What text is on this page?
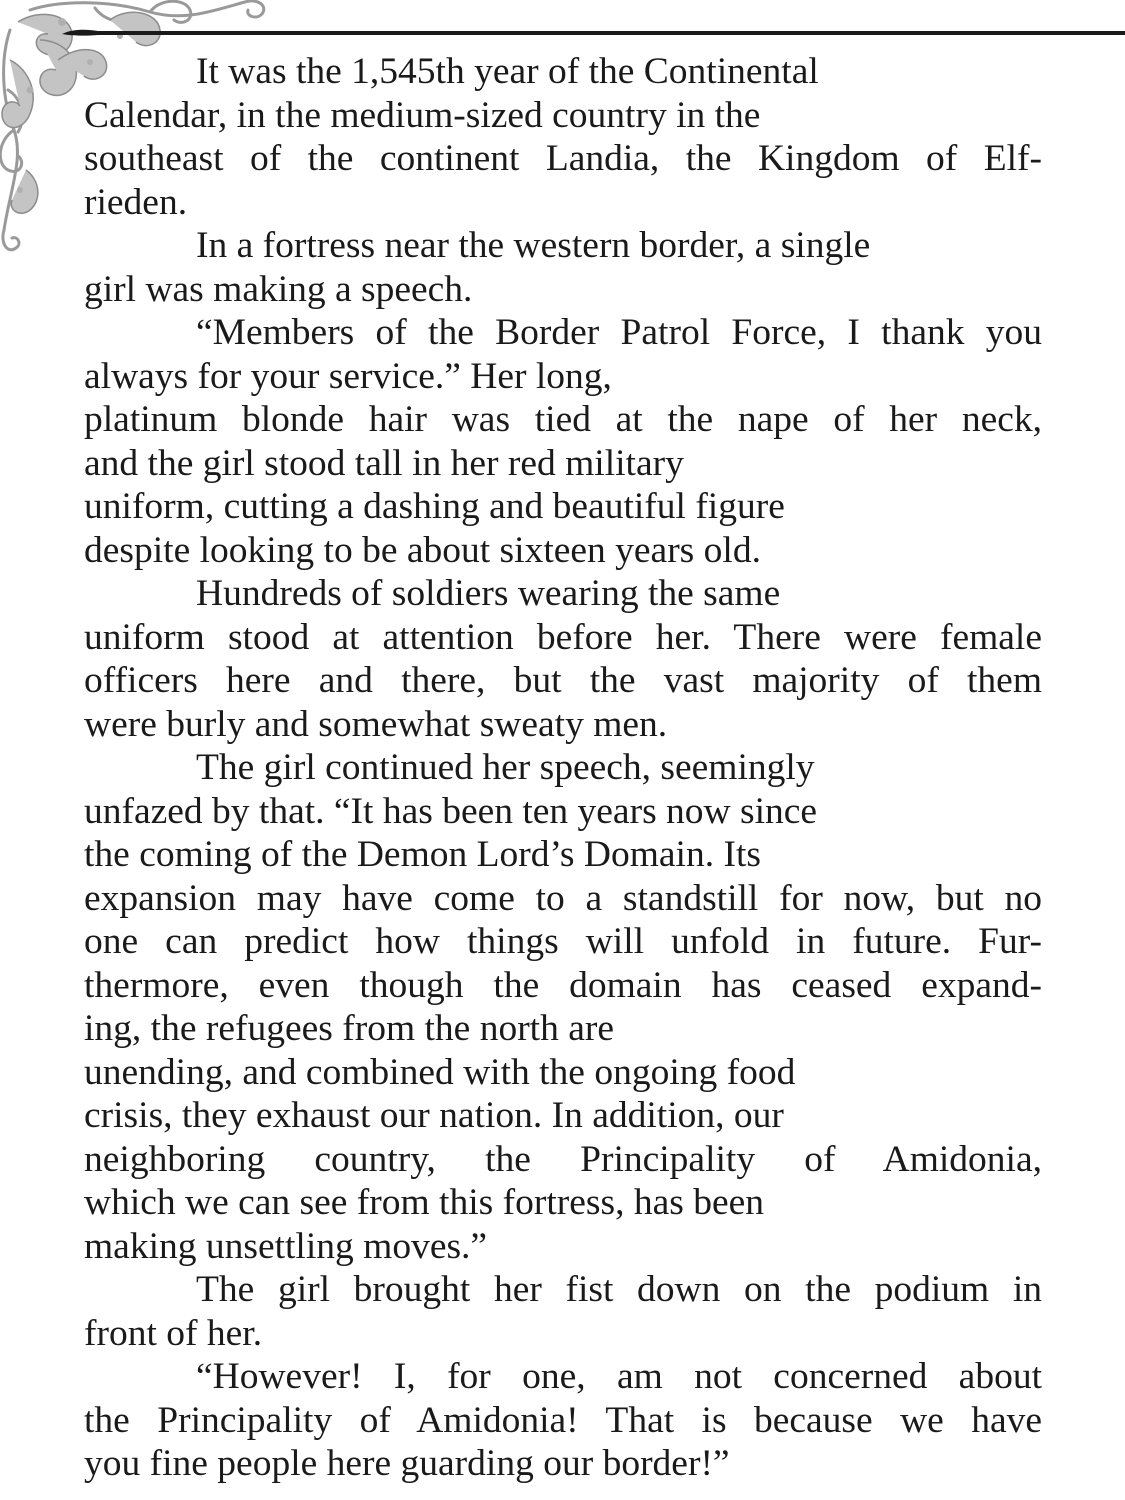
It was the 1,545th year of the Continental
Calendar, in the medium-sized country in the
southeast of the continent Landia, the Kingdom of Elf-
rieden.
In a fortress near the western border, a single
girl was making a speech.
“Members of the Border Patrol Force, I thank you
always for your service.” Her long,
platinum blonde hair was tied at the nape of her neck,
and the girl stood tall in her red military
uniform, cutting a dashing and beautiful figure
despite looking to be about sixteen years old.
Hundreds of soldiers wearing the same
uniform stood at attention before her. There were female
officers here and there, but the vast majority of them
were burly and somewhat sweaty men.
The girl continued her speech, seemingly
unfazed by that. “It has been ten years now since
the coming of the Demon Lord’s Domain. Its
expansion may have come to a standstill for now, but no
one can predict how things will unfold in future. Fur-
thermore, even though the domain has ceased expand-
ing, the refugees from the north are
unending, and combined with the ongoing food
crisis, they exhaust our nation. In addition, our
neighboring country, the Principality of Amidonia,
which we can see from this fortress, has been
making unsettling moves.”
The girl brought her fist down on the podium in
front of her.
“However! I, for one, am not concerned about
the Principality of Amidonia! That is because we have
you fine people here guarding our border!”
